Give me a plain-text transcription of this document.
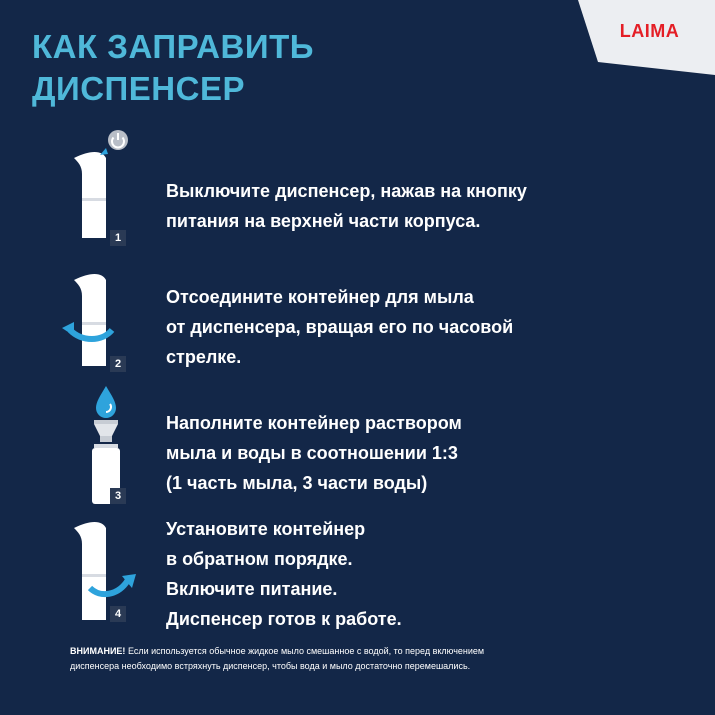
LAIMA
КАК ЗАПРАВИТЬ
ДИСПЕНСЕР
1
Выключите диспенсер, нажав на кнопку
питания на верхней части корпуса.
2
Отсоедините контейнер для мыла
от диспенсера, вращая его по часовой
стрелке.
3
Наполните контейнер раствором
мыла и воды в соотношении 1:3
(1 часть мыла, 3 части воды)
4
Установите контейнер
в обратном порядке.
Включите питание.
Диспенсер готов к работе.
ВНИМАНИЕ! Если используется обычное жидкое мыло смешанное с водой, то перед включением
диспенсера необходимо встряхнуть диспенсер, чтобы вода и мыло достаточно перемешались.
